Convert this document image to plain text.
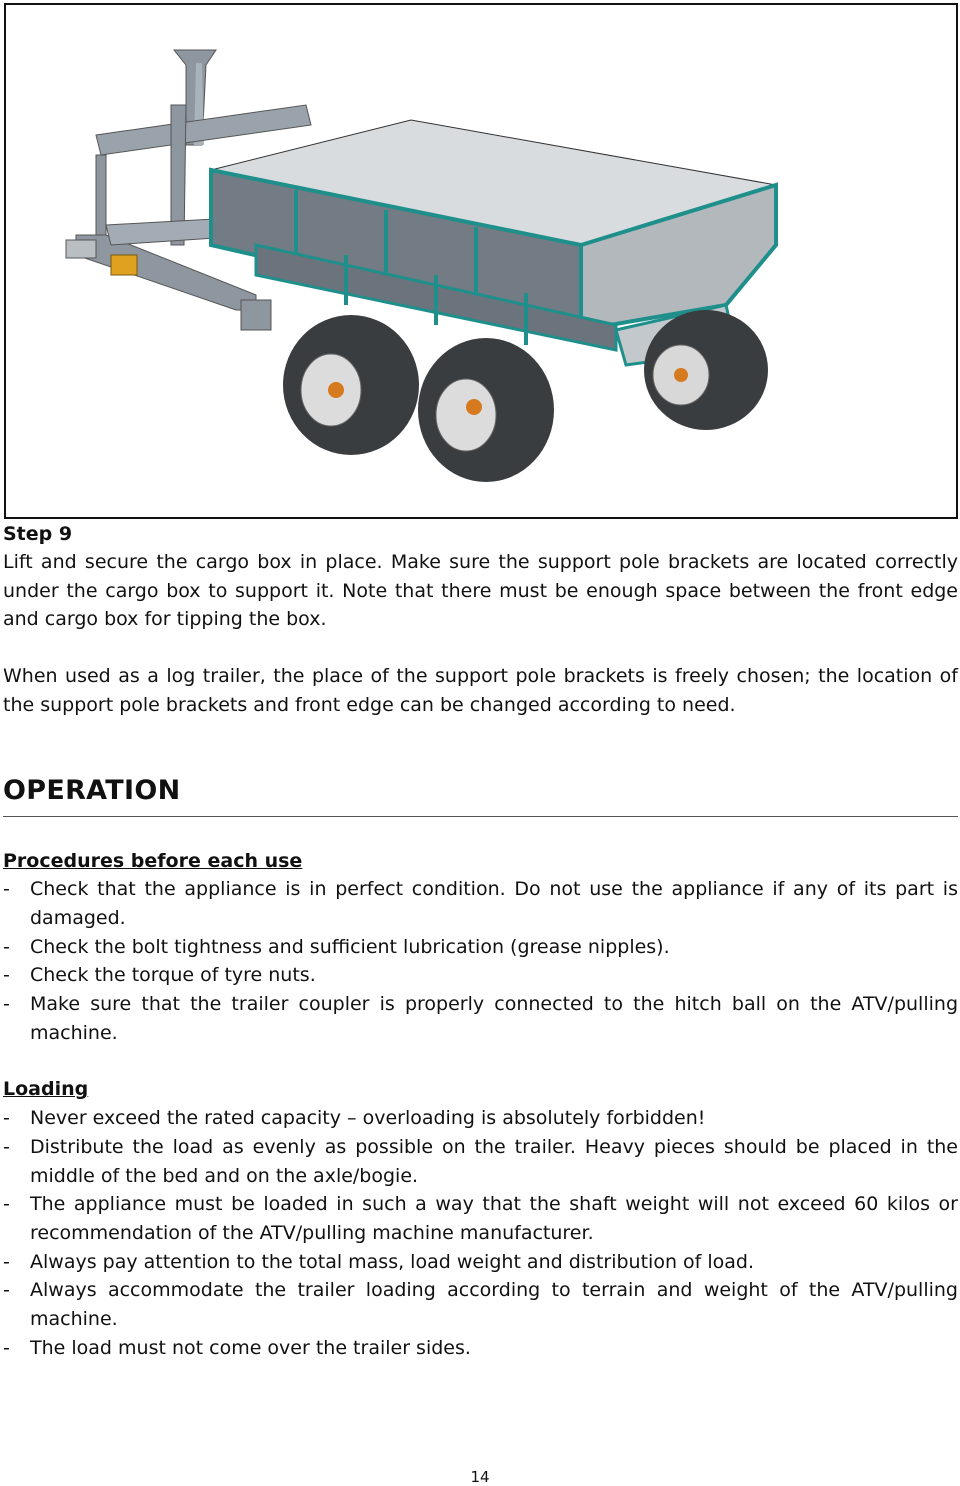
Step 9

Lift and secure the cargo box in place. Make sure the support pole brackets are located correctly under the cargo box to support it. Note that there must be enough space between the front edge and cargo box for tipping the box.

When used as a log trailer, the place of the support pole brackets is freely chosen; the location of the support pole brackets and front edge can be changed according to need.

OPERATION
Procedures before each use
- Check that the appliance is in perfect condition. Do not use the appliance if any of its part is damaged.
- Check the bolt tightness and sufficient lubrication (grease nipples).
- Check the torque of tyre nuts.
- Make sure that the trailer coupler is properly connected to the hitch ball on the ATV/pulling machine.
Loading
- Never exceed the rated capacity – overloading is absolutely forbidden!
- Distribute the load as evenly as possible on the trailer. Heavy pieces should be placed in the middle of the bed and on the axle/bogie.
- The appliance must be loaded in such a way that the shaft weight will not exceed 60 kilos or recommendation of the ATV/pulling machine manufacturer.
- Always pay attention to the total mass, load weight and distribution of load.
- Always accommodate the trailer loading according to terrain and weight of the ATV/pulling machine.
- The load must not come over the trailer sides.
14
